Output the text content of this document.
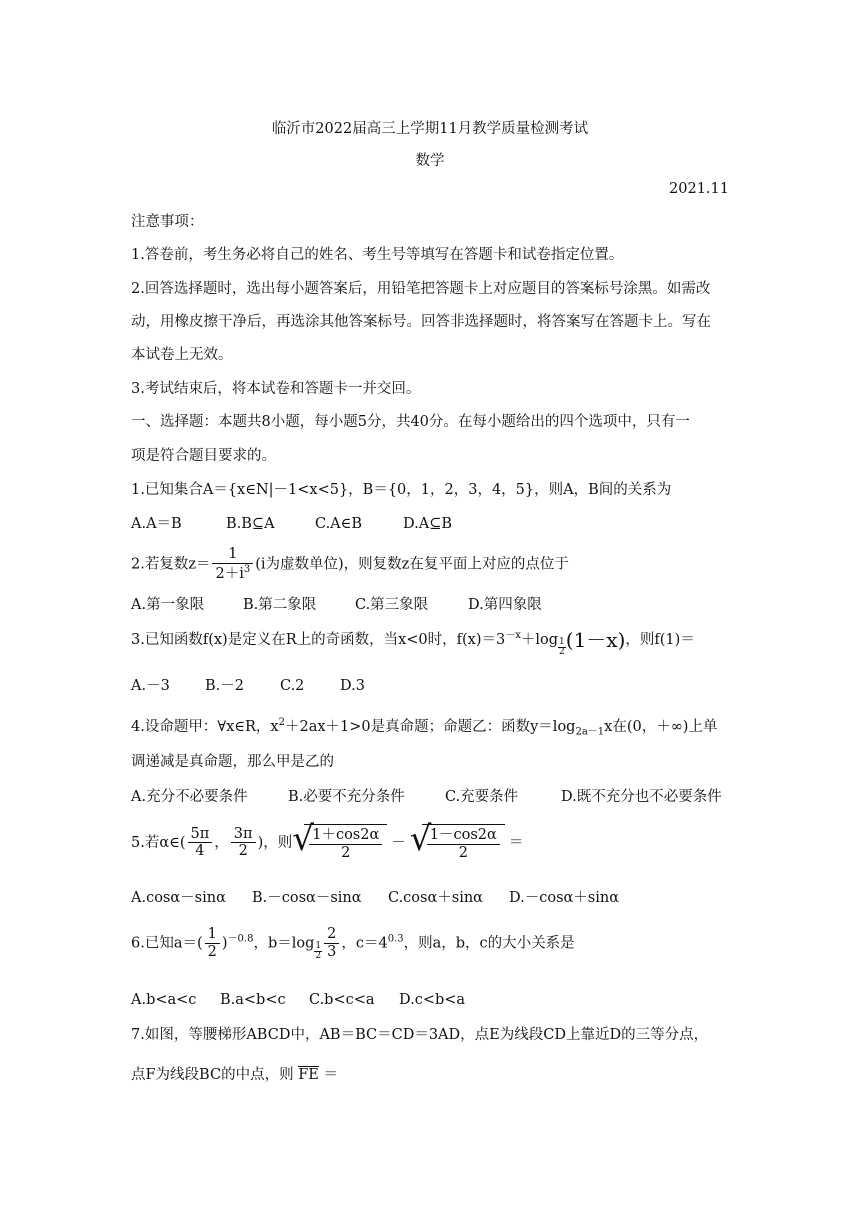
临沂市2022届高三上学期11月教学质量检测考试
数学
2021.11
注意事项：
1.答卷前，考生务必将自己的姓名、考生号等填写在答题卡和试卷指定位置。
2.回答选择题时，选出每小题答案后，用铅笔把答题卡上对应题目的答案标号涂黑。如需改
动，用橡皮擦干净后，再选涂其他答案标号。回答非选择题时，将答案写在答题卡上。写在
本试卷上无效。
3.考试结束后，将本试卷和答题卡一并交回。
一、选择题：本题共8小题，每小题5分，共40分。在每小题给出的四个选项中，只有一
项是符合题目要求的。
1.已知集合A＝{x∈N|－1<x<5}，B＝{0，1，2，3，4，5}，则A，B间的关系为
A.A＝B	B.B⊆A	C.A∈B	D.A⊆B
2.若复数$z= \frac{1}{2+i^3} (i$为虚数单位)，则复数z在复平面上对应的点位于
A.第一象限	B.第二象限	C.第三象限	D.第四象限
3.已知函数f(x)是定义在R上的奇函数，当x<0时，$f(x)=3^{-x}+\log \frac{1}{2} (1-x)$，则f(1)＝
A.－3 B.－2 C.2 D.3
4.设命题甲：∀x∈R，$x^2+2ax+1>0$是真命题；命题乙：函数$y=\log_{2a-1}x$在(0，＋∞)上单
调递减是真命题，那么甲是乙的
A.充分不必要条件	B.必要不充分条件	C.充要条件	D.既不充分也不必要条件
5.若α∈( $\frac{5\pi}{4}$ ， $\frac{3\pi}{2}$ )，则 √
$\frac{1+\cos 2\alpha}{2}$ － √
$\frac{1-\cos 2\alpha}{2}$ ＝
A.cosα－sinα B.－cosα－sinα C.cosα＋sinα D.－cosα＋sinα
6.已知$a=( \frac{1}{2} )^{-0.8}$，$b=\log \frac{1}{2} \frac{2}{3}$ ，$c=4^{0.3}$，则a，b，c的大小关系是
A.b<a<c B.a<b<c C.b<c<a D.c<b<a
7.如图，等腰梯形ABCD中，AB＝BC＝CD＝3AD，点E为线段CD上靠近D的三等分点，
点F为线段BC的中点，则 FE ＝
